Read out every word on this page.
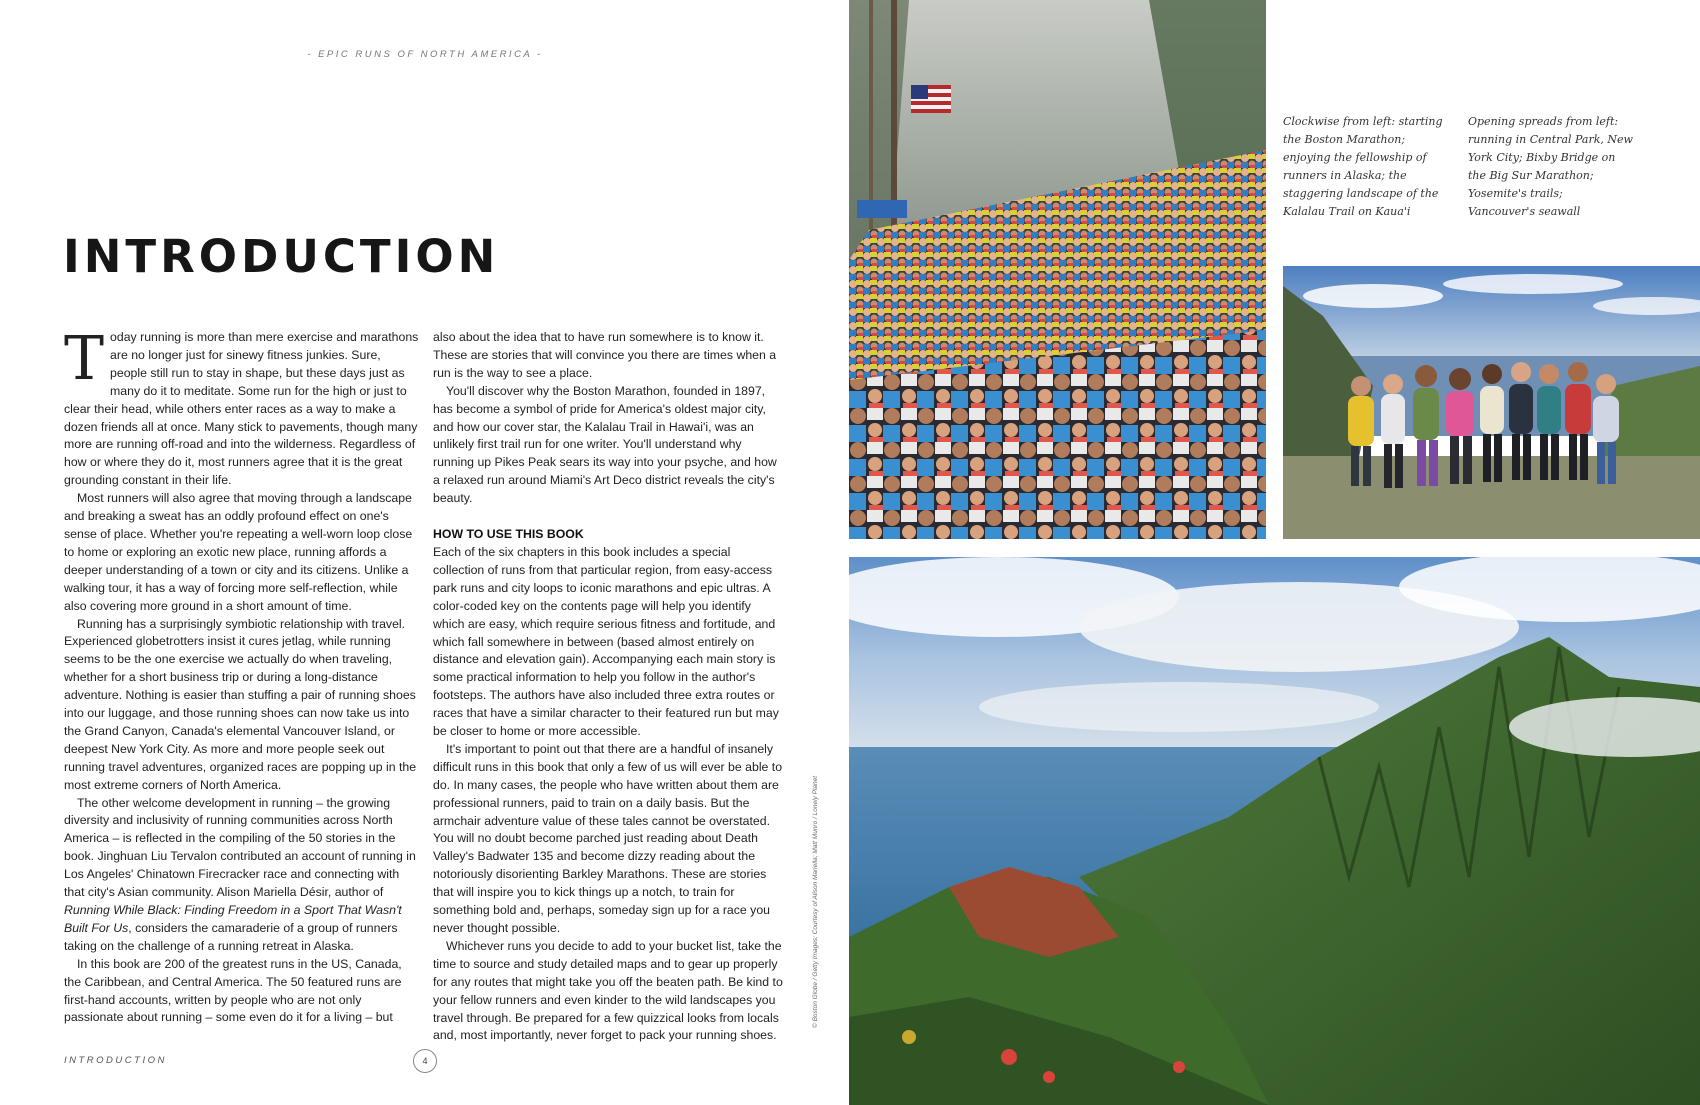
- EPIC RUNS OF NORTH AMERICA -
INTRODUCTION

Today running is more than mere exercise and marathons are no longer just for sinewy fitness junkies. Sure, people still run to stay in shape, but these days just as many do it to meditate. Some run for the high or just to clear their head, while others enter races as a way to make a dozen friends all at once. Many stick to pavements, though many more are running off-road and into the wilderness. Regardless of how or where they do it, most runners agree that it is the great grounding constant in their life.

Most runners will also agree that moving through a landscape and breaking a sweat has an oddly profound effect on one's sense of place. Whether you're repeating a well-worn loop close to home or exploring an exotic new place, running affords a deeper understanding of a town or city and its citizens. Unlike a walking tour, it has a way of forcing more self-reflection, while also covering more ground in a short amount of time.

Running has a surprisingly symbiotic relationship with travel. Experienced globetrotters insist it cures jetlag, while running seems to be the one exercise we actually do when traveling, whether for a short business trip or during a long-distance adventure. Nothing is easier than stuffing a pair of running shoes into our luggage, and those running shoes can now take us into the Grand Canyon, Canada's elemental Vancouver Island, or deepest New York City. As more and more people seek out running travel adventures, organized races are popping up in the most extreme corners of North America.

The other welcome development in running – the growing diversity and inclusivity of running communities across North America – is reflected in the compiling of the 50 stories in the book. Jinghuan Liu Tervalon contributed an account of running in Los Angeles' Chinatown Firecracker race and connecting with that city's Asian community. Alison Mariella Désir, author of Running While Black: Finding Freedom in a Sport That Wasn't Built For Us, considers the camaraderie of a group of runners taking on the challenge of a running retreat in Alaska.

In this book are 200 of the greatest runs in the US, Canada, the Caribbean, and Central America. The 50 featured runs are first-hand accounts, written by people who are not only passionate about running – some even do it for a living – but

also about the idea that to have run somewhere is to know it. These are stories that will convince you there are times when a run is the way to see a place.

You'll discover why the Boston Marathon, founded in 1897, has become a symbol of pride for America's oldest major city, and how our cover star, the Kalalau Trail in Hawai'i, was an unlikely first trail run for one writer. You'll understand why running up Pikes Peak sears its way into your psyche, and how a relaxed run around Miami's Art Deco district reveals the city's beauty.

HOW TO USE THIS BOOK

Each of the six chapters in this book includes a special collection of runs from that particular region, from easy-access park runs and city loops to iconic marathons and epic ultras. A color-coded key on the contents page will help you identify which are easy, which require serious fitness and fortitude, and which fall somewhere in between (based almost entirely on distance and elevation gain). Accompanying each main story is some practical information to help you follow in the author's footsteps. The authors have also included three extra routes or races that have a similar character to their featured run but may be closer to home or more accessible.

It's important to point out that there are a handful of insanely difficult runs in this book that only a few of us will ever be able to do. In many cases, the people who have written about them are professional runners, paid to train on a daily basis. But the armchair adventure value of these tales cannot be overstated. You will no doubt become parched just reading about Death Valley's Badwater 135 and become dizzy reading about the notoriously disorienting Barkley Marathons. These are stories that will inspire you to kick things up a notch, to train for something bold and, perhaps, someday sign up for a race you never thought possible.

Whichever runs you decide to add to your bucket list, take the time to source and study detailed maps and to gear up properly for any routes that might take you off the beaten path. Be kind to your fellow runners and even kinder to the wild landscapes you travel through. Be prepared for a few quizzical looks from locals and, most importantly, never forget to pack your running shoes.

INTRODUCTION	4
© Boston Globe / Getty Images; Courtesy of Alison Mariella; Matt Munro / Lonely Planet
Clockwise from left: starting the Boston Marathon; enjoying the fellowship of runners in Alaska; the staggering landscape of the Kalalau Trail on Kaua'i
Opening spreads from left: running in Central Park, New York City; Bixby Bridge on the Big Sur Marathon; Yosemite's trails; Vancouver's seawall
